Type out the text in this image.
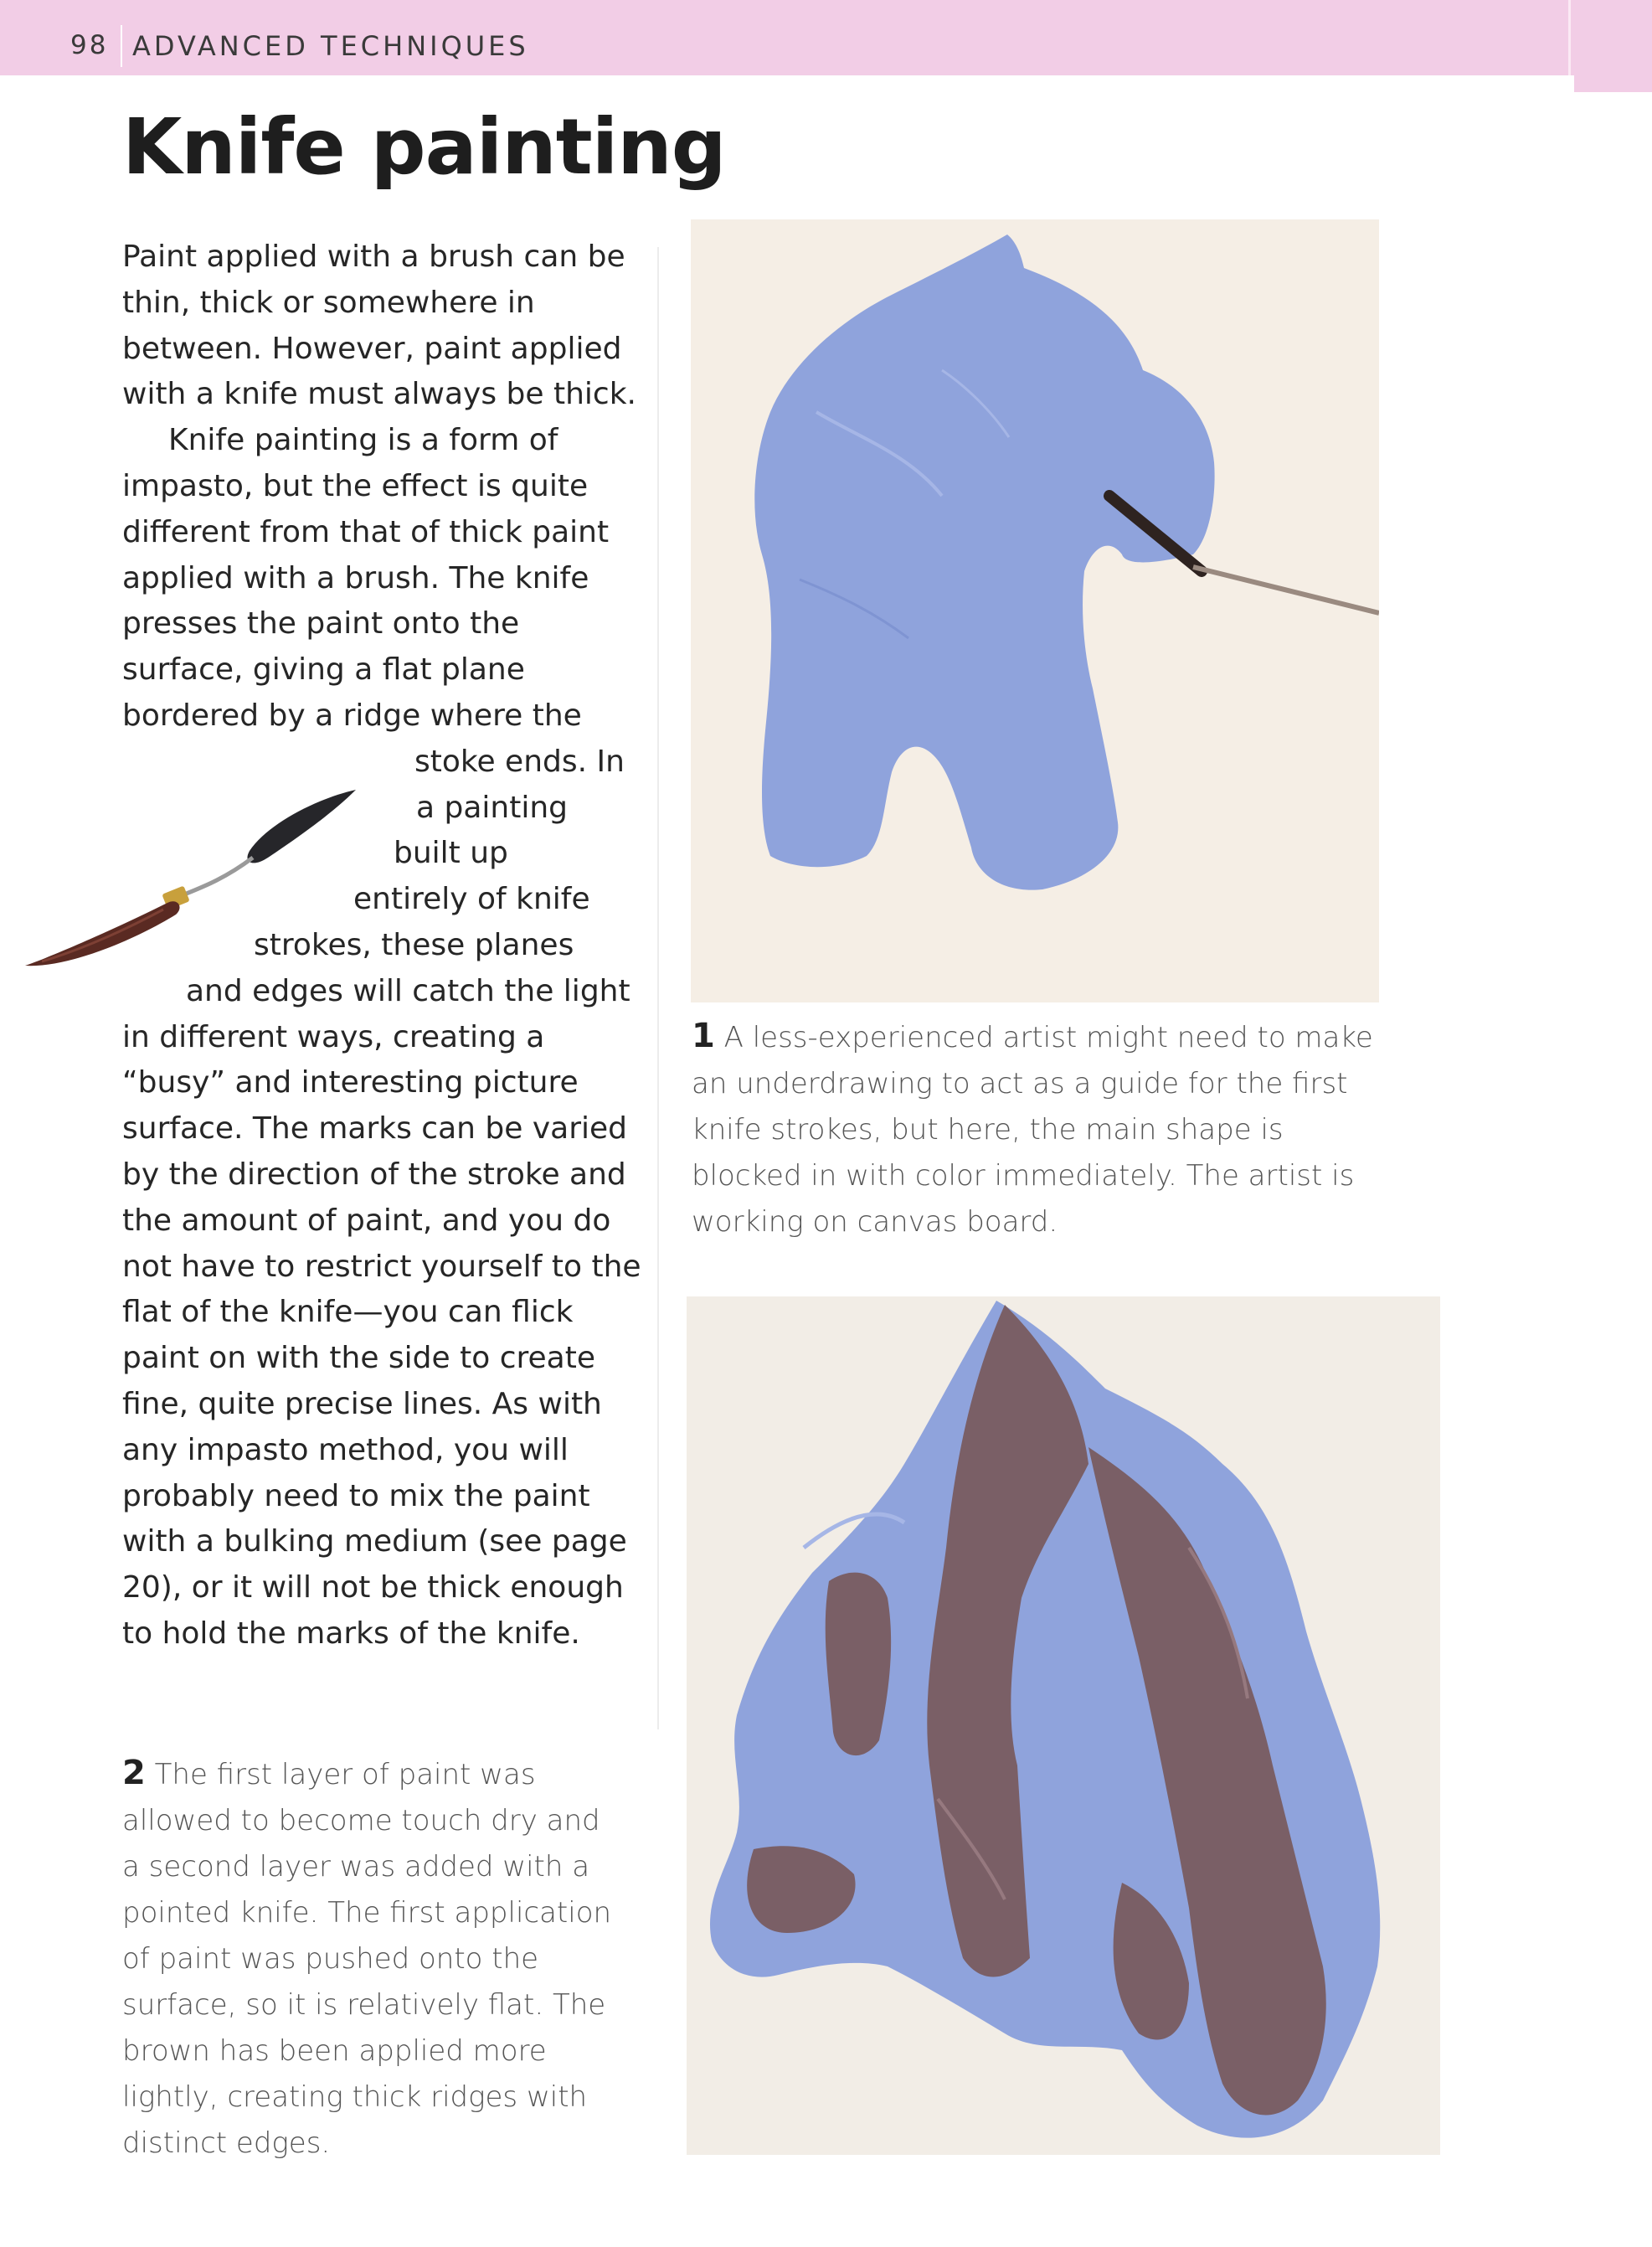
98 ADVANCED TECHNIQUES
Knife painting
Paint applied with a brush can be
thin, thick or somewhere in
between. However, paint applied
with a knife must always be thick.
Knife painting is a form of
impasto, but the effect is quite
different from that of thick paint
applied with a brush. The knife
presses the paint onto the
surface, giving a flat plane
bordered by a ridge where the
stoke ends. In
a painting
built up
entirely of knife
strokes, these planes
and edges will catch the light
in different ways, creating a
“busy” and interesting picture
surface. The marks can be varied
by the direction of the stroke and
the amount of paint, and you do
not have to restrict yourself to the
flat of the knife—you can flick
paint on with the side to create
fine, quite precise lines. As with
any impasto method, you will
probably need to mix the paint
with a bulking medium (see page
20), or it will not be thick enough
to hold the marks of the knife.
1 A less-experienced artist might need to make
an underdrawing to act as a guide for the first
knife strokes, but here, the main shape is
blocked in with color immediately. The artist is
working on canvas board.
2 The first layer of paint was
allowed to become touch dry and
a second layer was added with a
pointed knife. The first application
of paint was pushed onto the
surface, so it is relatively flat. The
brown has been applied more
lightly, creating thick ridges with
distinct edges.
